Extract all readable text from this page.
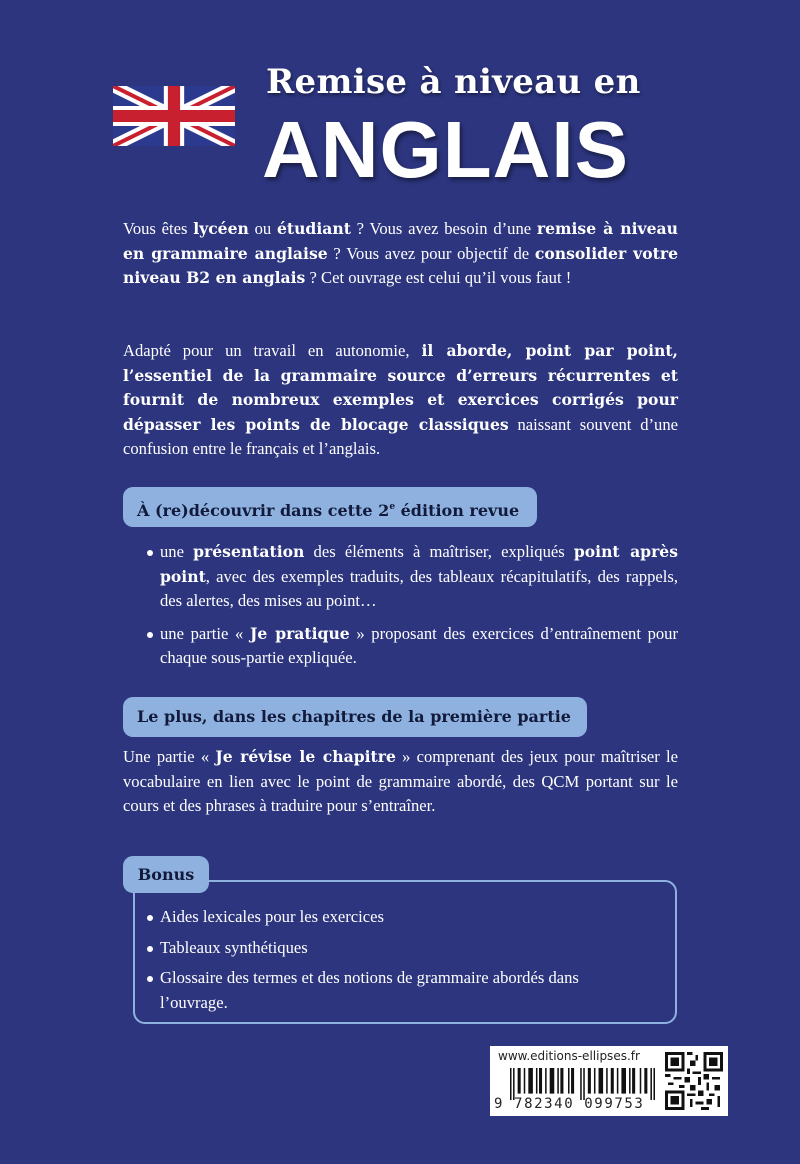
Remise à niveau en
ANGLAIS
Vous êtes lycéen ou étudiant ? Vous avez besoin d’une remise à niveau en grammaire anglaise ? Vous avez pour objectif de consolider votre niveau B2 en anglais ? Cet ouvrage est celui qu’il vous faut !
Adapté pour un travail en autonomie, il aborde, point par point, l’essentiel de la grammaire source d’erreurs récurrentes et fournit de nombreux exemples et exercices corrigés pour dépasser les points de blocage classiques naissant souvent d’une confusion entre le français et l’anglais.
À (re)découvrir dans cette 2e édition revue
une présentation des éléments à maîtriser, expliqués point après point, avec des exemples traduits, des tableaux récapitulatifs, des rappels, des alertes, des mises au point…
une partie « Je pratique » proposant des exercices d’entraînement pour chaque sous-partie expliquée.
Le plus, dans les chapitres de la première partie
Une partie « Je révise le chapitre » comprenant des jeux pour maîtriser le vocabulaire en lien avec le point de grammaire abordé, des QCM portant sur le cours et des phrases à traduire pour s’entraîner.
Bonus
Aides lexicales pour les exercices
Tableaux synthétiques
Glossaire des termes et des notions de grammaire abordés dans l’ouvrage.
www.editions-ellipses.fr
9 782340 099753
